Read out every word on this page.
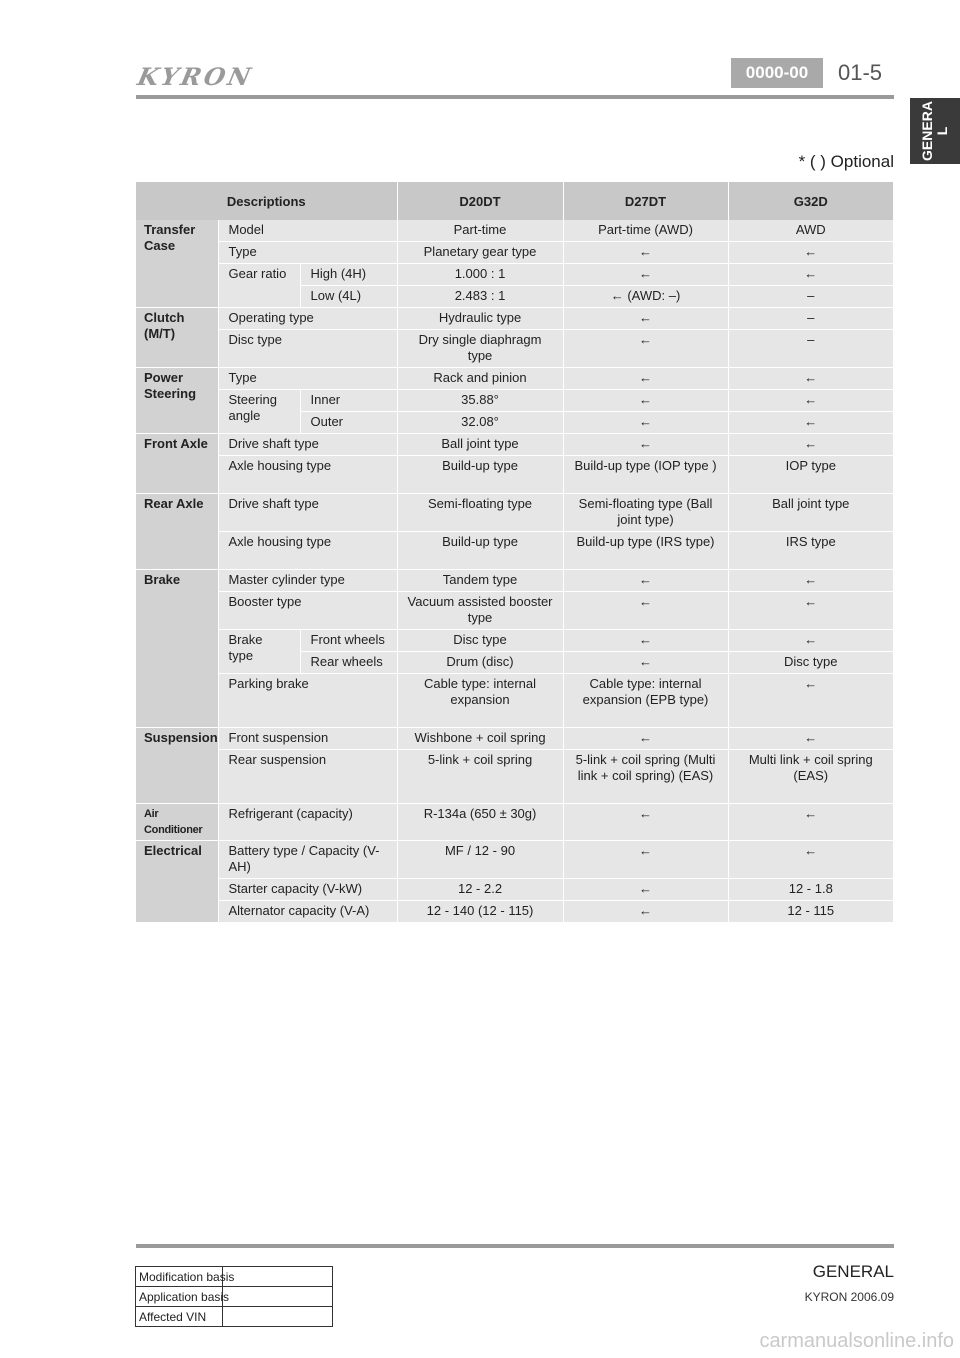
KYRON	0000-00	01-5
GENERAL
* ( ) Optional
Descriptions			D20DT	D27DT	G32D
Transfer Case	Model		Part-time	Part-time (AWD)	AWD
	Type		Planetary gear type	←	←
	Gear ratio	High (4H)	1.000 : 1	←	←
		Low (4L)	2.483 : 1	← (AWD: –)	–
Clutch (M/T)	Operating type		Hydraulic type	←	–
	Disc type		Dry single diaphragm type	←	–
Power Steering	Type		Rack and pinion	←	←
	Steering angle	Inner	35.88°	←	←
		Outer	32.08°	←	←
Front Axle	Drive shaft type		Ball joint type	←	←
	Axle housing type		Build-up type	Build-up type (IOP type )	IOP type
Rear Axle	Drive shaft type		Semi-floating type	Semi-floating type (Ball joint type)	Ball joint type
	Axle housing type		Build-up type	Build-up type (IRS type)	IRS type
Brake	Master cylinder type		Tandem type	←	←
	Booster type		Vacuum assisted booster type	←	←
	Brake type	Front wheels	Disc type	←	←
		Rear wheels	Drum (disc)	←	Disc type
	Parking brake		Cable type: internal expansion	Cable type: internal expansion (EPB type)	←
Suspension	Front suspension		Wishbone + coil spring	←	←
	Rear suspension		5-link + coil spring	5-link + coil spring (Multi link + coil spring) (EAS)	Multi link + coil spring (EAS)
Air Conditioner	Refrigerant (capacity)		R-134a (650 ± 30g)	←	←
Electrical	Battery type / Capacity (V-AH)		MF / 12 - 90	←	←
	Starter capacity (V-kW)		12 - 2.2	←	12 - 1.8
	Alternator capacity (V-A)		12 - 140 (12 - 115)	←	12 - 115
GENERAL
KYRON 2006.09
Modification basis	
Application basis	
Affected VIN	
carmanualsonline.info
